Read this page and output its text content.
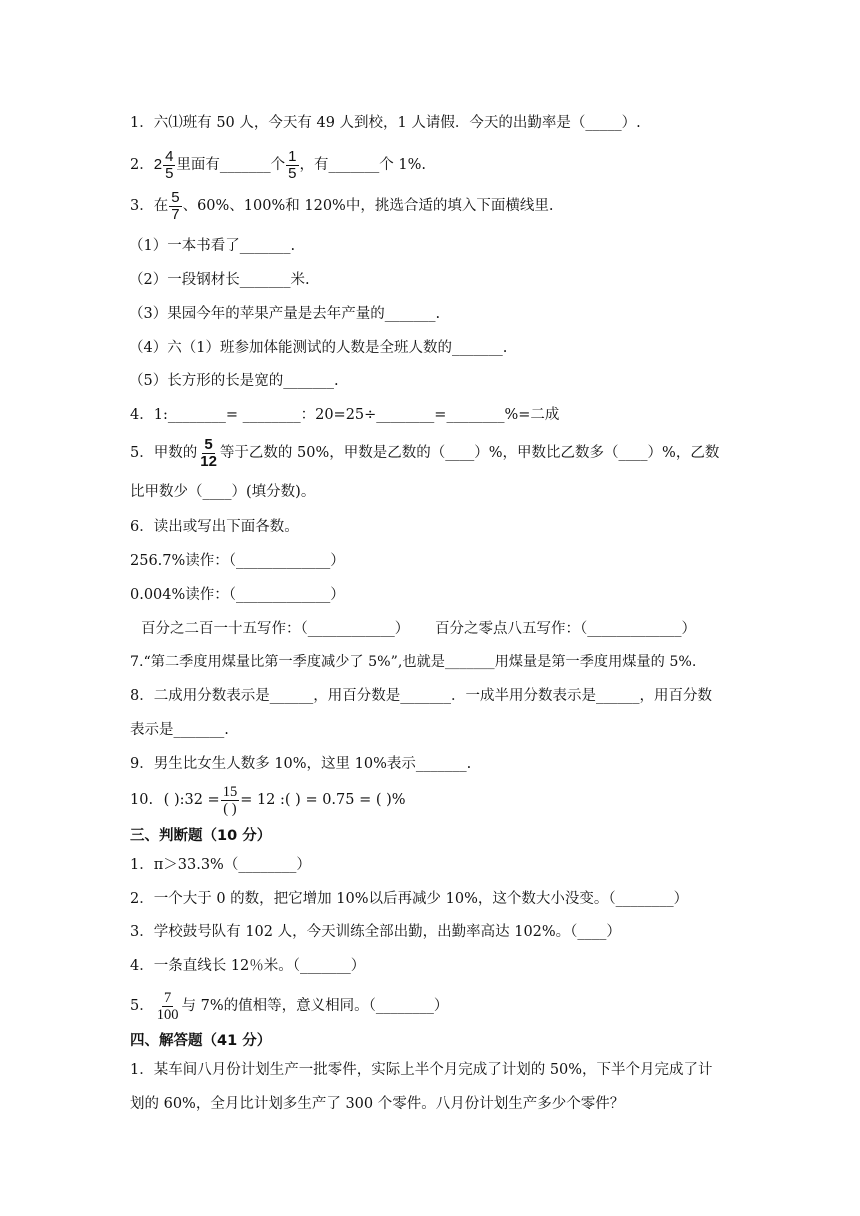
1．六⑴班有 50 人，今天有 49 人到校，1 人请假．今天的出勤率是（_____）.
2．$2 \frac{4}{5}$ 里面有_______个 $\frac{1}{5}$ ，有_______个 1%.
3．在 $\frac{5}{7}$ 、60%、100%和 120%中，挑选合适的填入下面横线里.
（1）一本书看了_______.
（2）一段钢材长_______米.
（3）果园今年的苹果产量是去年产量的_______.
（4）六（1）班参加体能测试的人数是全班人数的_______.
（5）长方形的长是宽的_______.
4．1:________= ________：20=25÷________=________%=二成
5．甲数的 $\frac{5}{12}$ 等于乙数的 50%，甲数是乙数的（____）%，甲数比乙数多（____）%，乙数
比甲数少（____）(填分数)。
6．读出或写出下面各数。
256.7%读作：（_____________）
0.004%读作：（_____________）
百分之二百一十五写作：（____________） 百分之零点八五写作：（_____________）
7.“第二季度用煤量比第一季度减少了 5%”,也就是_______用煤量是第一季度用煤量的 5%.
8．二成用分数表示是______，用百分数是_______．一成半用分数表示是______，用百分数
表示是_______.
9．男生比女生人数多 10%，这里 10%表示_______.
10. ( ):32 = $\frac{15}{( )} = 12$ :( ) = 0.75 = ( )%
三、判断题（10 分）
1．π＞33.3%（________）
2．一个大于 0 的数，把它增加 10%以后再减少 10%，这个数大小没变。（________）
3．学校鼓号队有 102 人，今天训练全部出勤，出勤率高达 102%。（____）
4．一条直线长 12％米。（_______）
5． $\frac{7}{100}$ 与 7%的值相等，意义相同。（________）
四、解答题（41 分）
1．某车间八月份计划生产一批零件，实际上半个月完成了计划的 50%，下半个月完成了计
划的 60%，全月比计划多生产了 300 个零件。八月份计划生产多少个零件？
